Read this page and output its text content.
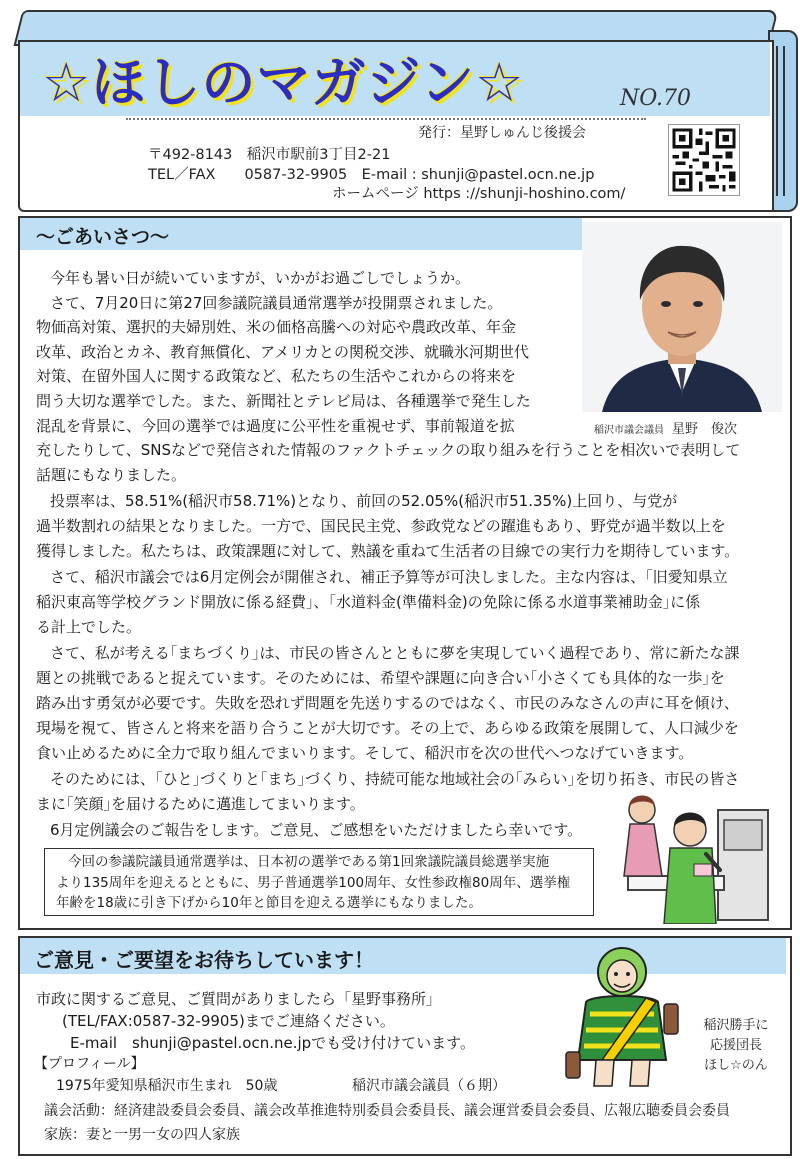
☆ほしのマガジン☆	NO.70
発行：星野しゅんじ後援会
〒492-8143　稲沢市駅前3丁目2-21
TEL／FAX　　0587-32-9905　E-mail : shunji@pastel.ocn.ne.jp
ホームページ https ://shunji-hoshino.com/
～ごあいさつ～
稲沢市議会議員 星野　俊次
今年も暑い日が続いていますが、いかがお過ごしでしょうか。
さて、7月20日に第27回参議院議員通常選挙が投開票されました。
物価高対策、選択的夫婦別姓、米の価格高騰への対応や農政改革、年金
改革、政治とカネ、教育無償化、アメリカとの関税交渉、就職氷河期世代
対策、在留外国人に関する政策など、私たちの生活やこれからの将来を
問う大切な選挙でした。また、新聞社とテレビ局は、各種選挙で発生した
混乱を背景に、今回の選挙では過度に公平性を重視せず、事前報道を拡
充したりして、SNSなどで発信された情報のファクトチェックの取り組みを行うことを相次いで表明して
話題にもなりました。
投票率は、58.51%(稲沢市58.71%)となり、前回の52.05%(稲沢市51.35%)上回り、与党が
過半数割れの結果となりました。一方で、国民民主党、参政党などの躍進もあり、野党が過半数以上を
獲得しました。私たちは、政策課題に対して、熟議を重ねて生活者の目線での実行力を期待しています。
さて、稲沢市議会では6月定例会が開催され、補正予算等が可決しました。主な内容は、｢旧愛知県立
稲沢東高等学校グランド開放に係る経費｣、｢水道料金(準備料金)の免除に係る水道事業補助金｣に係
る計上でした。
さて、私が考える｢まちづくり｣は、市民の皆さんとともに夢を実現していく過程であり、常に新たな課
題との挑戦であると捉えています。そのためには、希望や課題に向き合い｢小さくても具体的な一歩｣を
踏み出す勇気が必要です。失敗を恐れず問題を先送りするのではなく、市民のみなさんの声に耳を傾け、
現場を視て、皆さんと将来を語り合うことが大切です。その上で、あらゆる政策を展開して、人口減少を
食い止めるために全力で取り組んでまいります。そして、稲沢市を次の世代へつなげていきます。
そのためには、｢ひと｣づくりと｢まち｣づくり、持続可能な地域社会の｢みらい｣を切り拓き、市民の皆さ
まに｢笑顔｣を届けるために邁進してまいります。
6月定例議会のご報告をします。ご意見、ご感想をいただけましたら幸いです。
今回の参議院議員通常選挙は、日本初の選挙である第1回衆議院議員総選挙実施
より135周年を迎えるとともに、男子普通選挙100周年、女性参政権80周年、選挙権
年齢を18歳に引き下げから10年と節目を迎える選挙にもなりました。
ご意見・ご要望をお待ちしています！
市政に関するご意見、ご質問がありましたら「星野事務所」
(TEL/FAX:0587-32-9905)までご連絡ください。
E-mail　shunji@pastel.ocn.ne.jpでも受け付けています。
【プロフィール】
1975年愛知県稲沢市生まれ　50歳	稲沢市議会議員（６期）
議会活動：経済建設委員会委員、議会改革推進特別委員会委員長、議会運営委員会委員、広報広聴委員会委員
家族：妻と一男一女の四人家族
稲沢勝手に
応援団長
ほし☆のん
